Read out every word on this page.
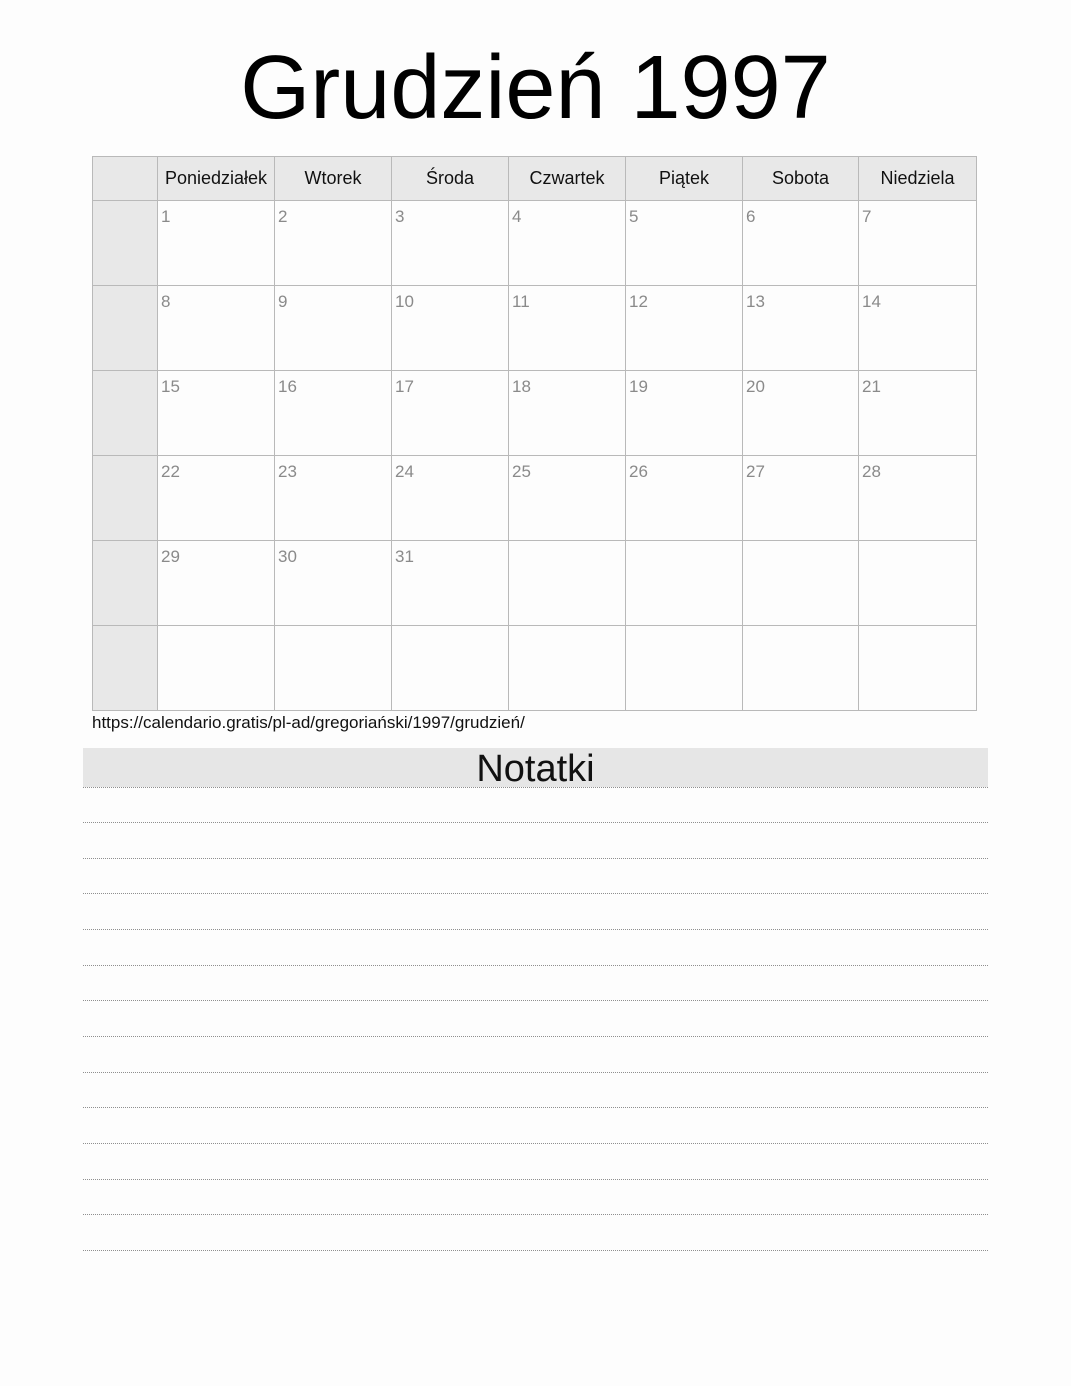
Grudzień 1997
	Poniedziałek	Wtorek	Środa	Czwartek	Piątek	Sobota	Niedziela

	1	2	3	4	5	6	7

	8	9	10	11	12	13	14

	15	16	17	18	19	20	21

	22	23	24	25	26	27	28

	29	30	31				

https://calendario.gratis/pl-ad/gregoriański/1997/grudzień/
Notatki
